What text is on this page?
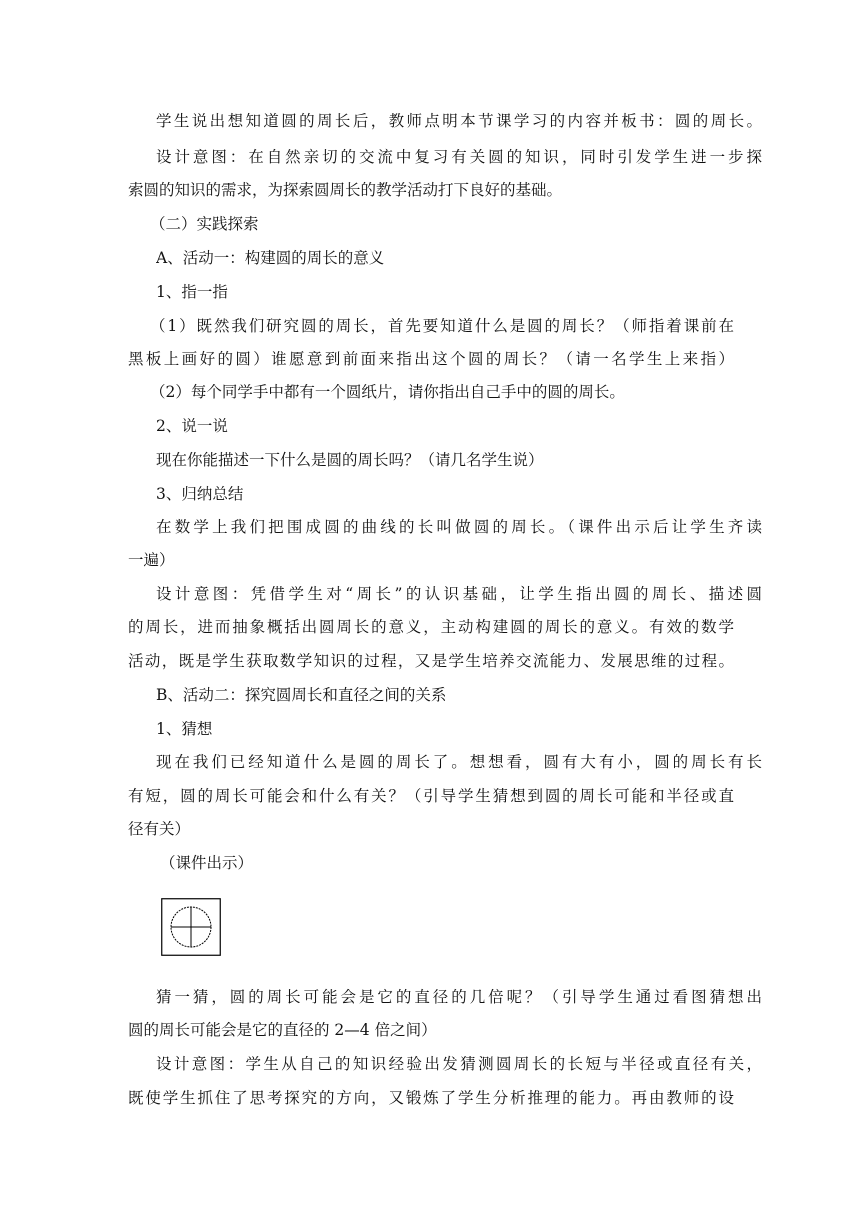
学生说出想知道圆的周长后，教师点明本节课学习的内容并板书：圆的周长。
设计意图：在自然亲切的交流中复习有关圆的知识，同时引发学生进一步探
索圆的知识的需求，为探索圆周长的教学活动打下良好的基础。
（二）实践探索
A、活动一：构建圆的周长的意义
1、指一指
（1）既然我们研究圆的周长，首先要知道什么是圆的周长？（师指着课前在
黑板上画好的圆）谁愿意到前面来指出这个圆的周长？（请一名学生上来指）
（2）每个同学手中都有一个圆纸片，请你指出自己手中的圆的周长。
2、说一说
现在你能描述一下什么是圆的周长吗？（请几名学生说）
3、归纳总结
在数学上我们把围成圆的曲线的长叫做圆的周长。（课件出示后让学生齐读
一遍）
设计意图：凭借学生对“周长”的认识基础，让学生指出圆的周长、描述圆
的周长，进而抽象概括出圆周长的意义，主动构建圆的周长的意义。有效的数学
活动，既是学生获取数学知识的过程，又是学生培养交流能力、发展思维的过程。
B、活动二：探究圆周长和直径之间的关系
1、猜想
现在我们已经知道什么是圆的周长了。想想看，圆有大有小，圆的周长有长
有短，圆的周长可能会和什么有关？（引导学生猜想到圆的周长可能和半径或直
径有关）
（课件出示）
猜一猜，圆的周长可能会是它的直径的几倍呢？（引导学生通过看图猜想出
圆的周长可能会是它的直径的 2—4 倍之间）
设计意图：学生从自己的知识经验出发猜测圆周长的长短与半径或直径有关，
既使学生抓住了思考探究的方向，又锻炼了学生分析推理的能力。再由教师的设
